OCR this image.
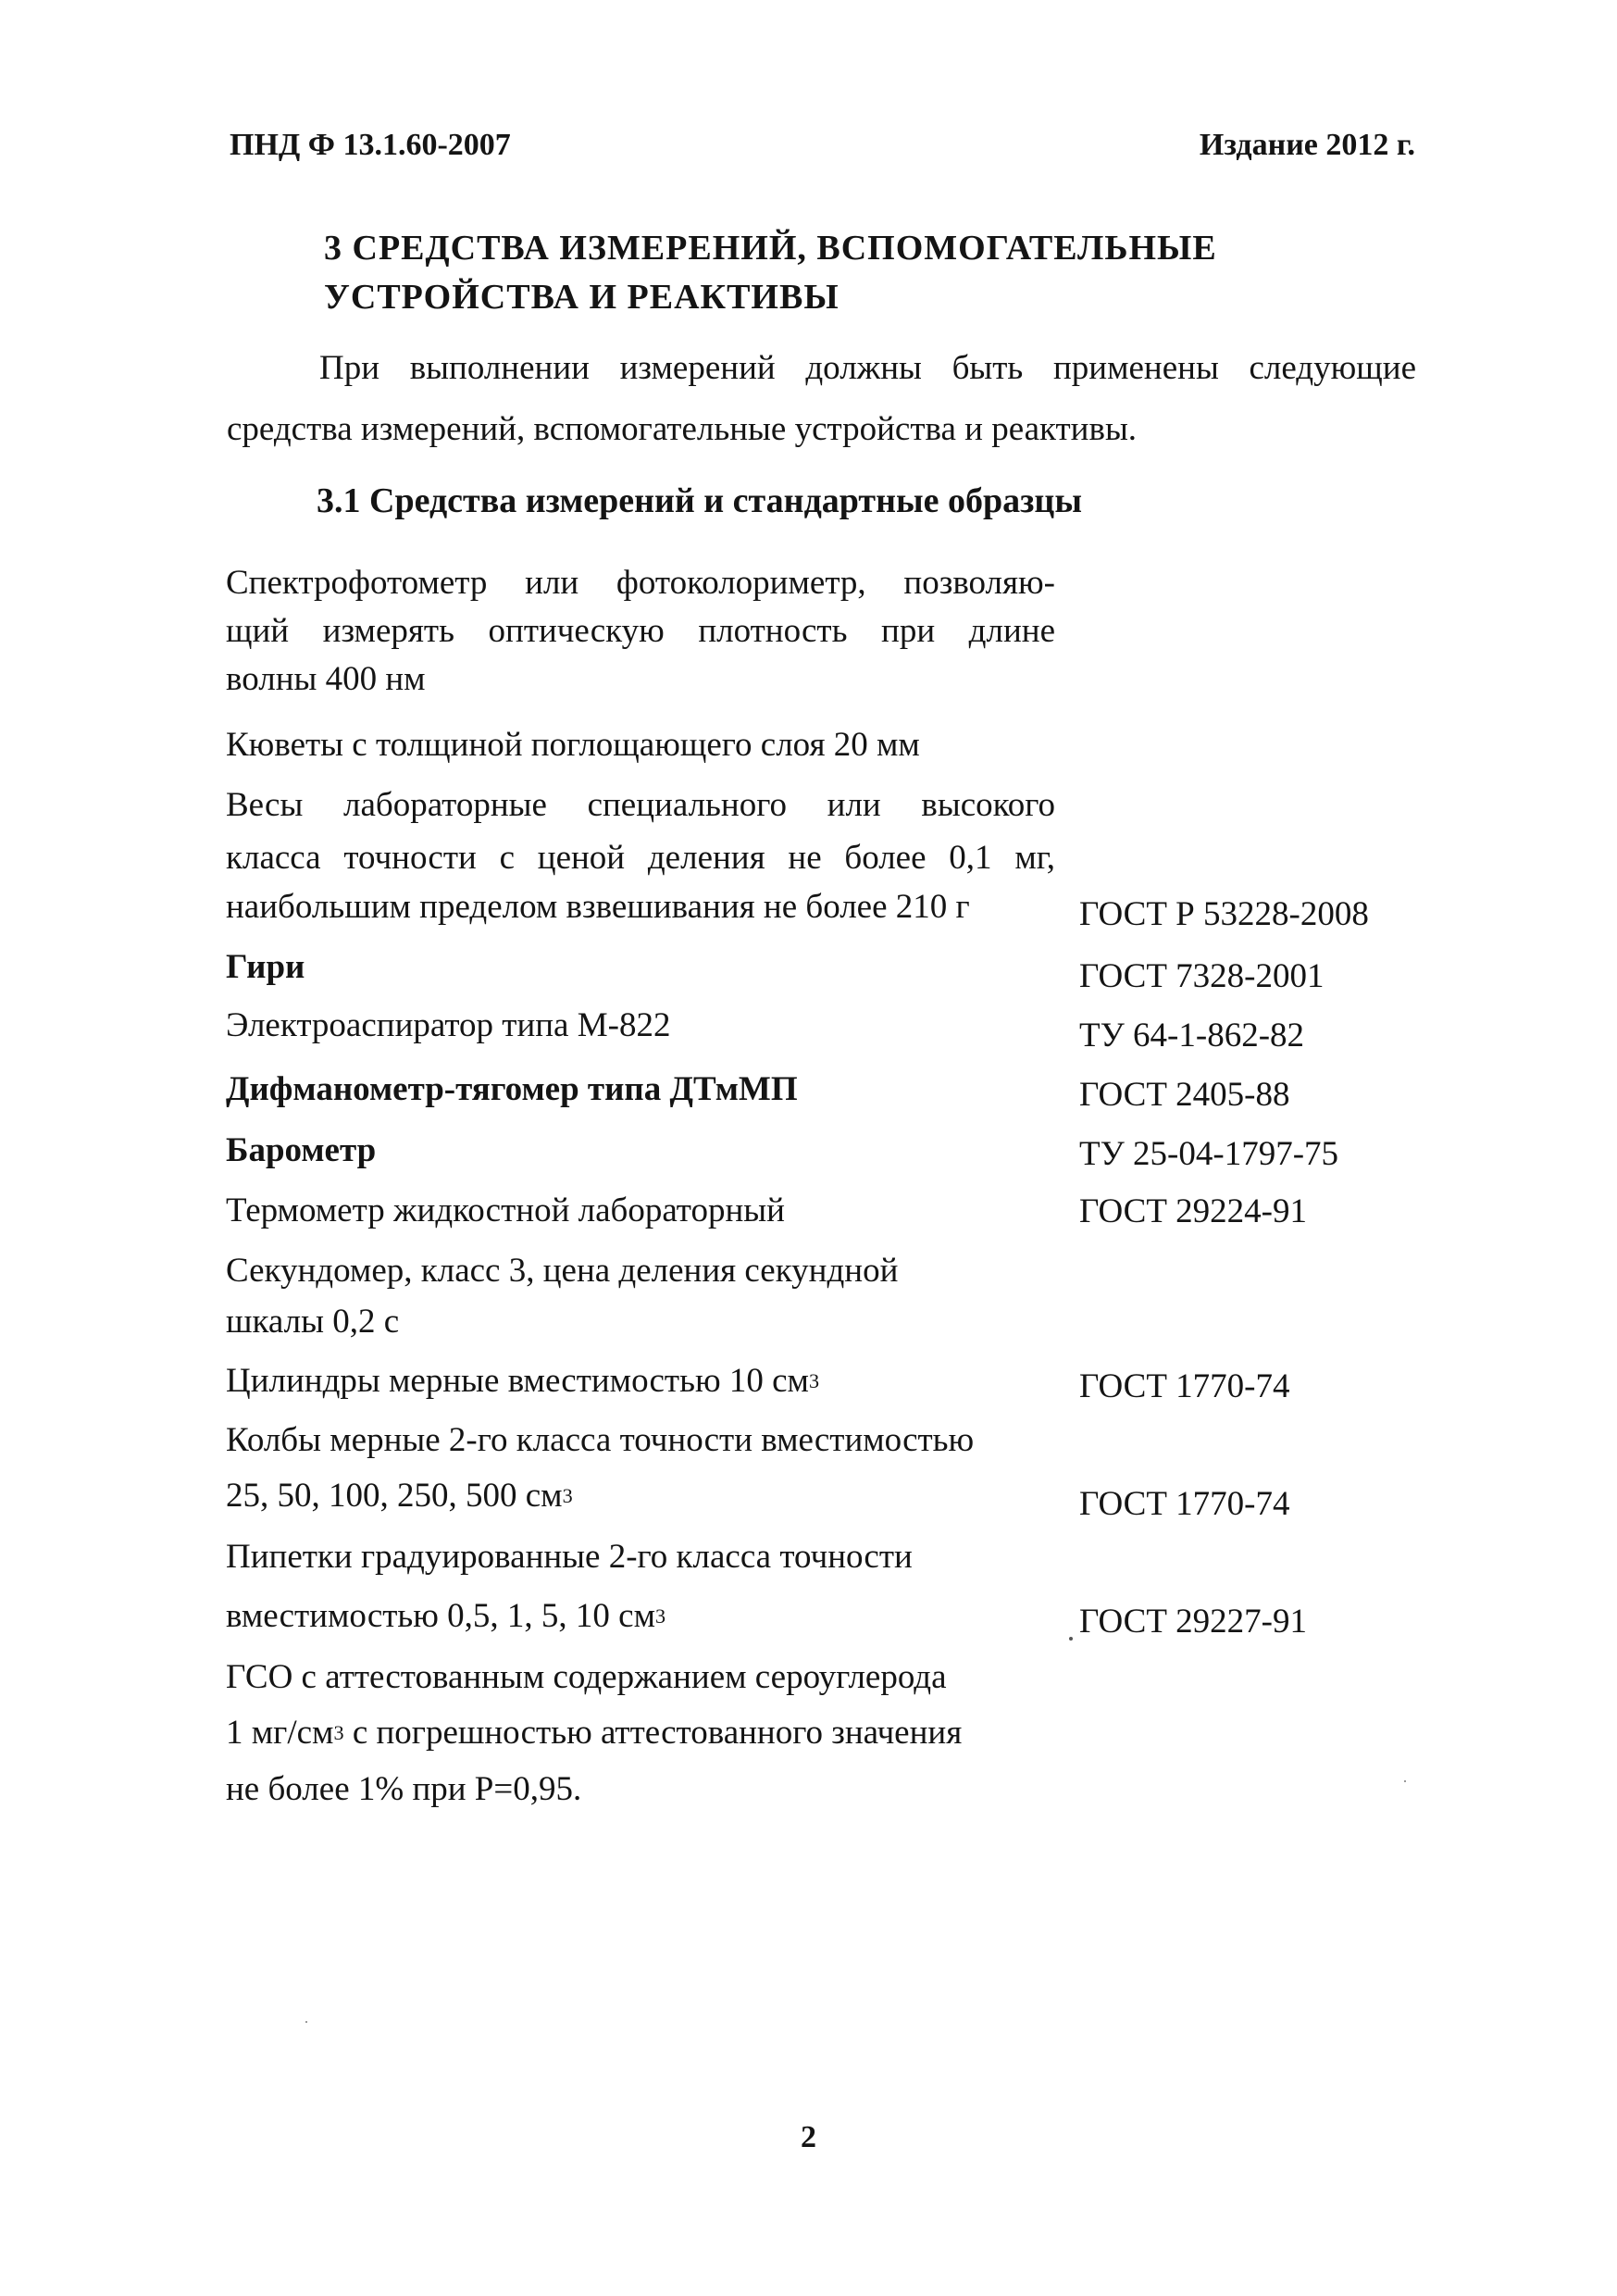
ПНД Ф 13.1.60-2007	Издание 2012 г.
3 СРЕДСТВА ИЗМЕРЕНИЙ, ВСПОМОГАТЕЛЬНЫЕ
УСТРОЙСТВА И РЕАКТИВЫ

При выполнении измерений должны быть применены следующие

средства измерений, вспомогательные устройства и реактивы.

3.1 Средства измерений и стандартные образцы
Спектрофотометр или фотоколориметр, позволяю-
щий измерять оптическую плотность при длине
волны 400 нм
Кюветы с толщиной поглощающего слоя 20 мм
Весы лабораторные специального или высокого
класса точности с ценой деления не более 0,1 мг,
наибольшим пределом взвешивания не более 210 г	ГОСТ Р 53228-2008
Гири	ГОСТ 7328-2001
Электроаспиратор типа М-822	ТУ 64-1-862-82
Дифманометр-тягомер типа ДТмМП	ГОСТ 2405-88
Барометр	ТУ 25-04-1797-75
Термометр жидкостной лабораторный	ГОСТ 29224-91
Секундомер, класс 3, цена деления секундной
шкалы 0,2 с
Цилиндры мерные вместимостью 10 $см^3$	ГОСТ 1770-74
Колбы мерные 2-го класса точности вместимостью
25, 50, 100, 250, 500 $см^3$	ГОСТ 1770-74
Пипетки градуированные 2-го класса точности
вместимостью 0,5, 1, 5, 10 $см^3$	ГОСТ 29227-91
ГСО с аттестованным содержанием сероуглерода
1 $мг/см^3$ с погрешностью аттестованного значения
не более 1% при Р=0,95.
2
